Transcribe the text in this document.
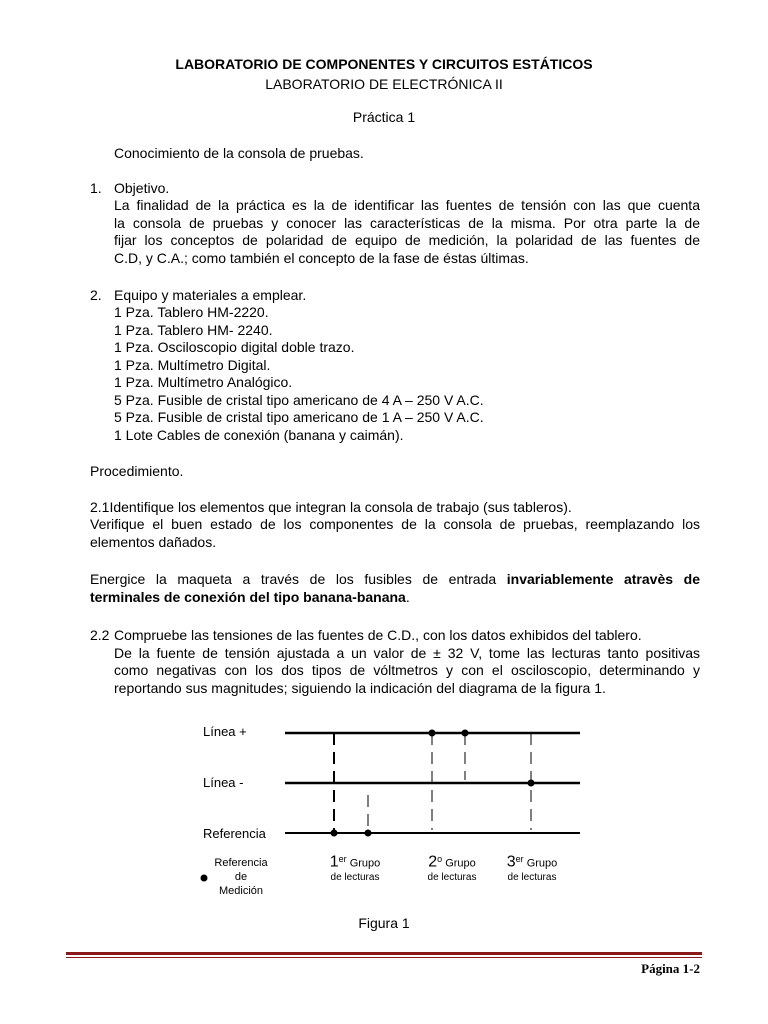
LABORATORIO DE COMPONENTES Y CIRCUITOS ESTÁTICOS
LABORATORIO DE ELECTRÓNICA II
Práctica 1
Conocimiento de la consola de pruebas.
1. Objetivo.
La finalidad de la práctica es la de identificar las fuentes de tensión con las que cuenta
la consola de pruebas y conocer las características de la misma. Por otra parte la de
fijar los conceptos de polaridad de equipo de medición, la polaridad de las fuentes de
C.D, y C.A.; como también el concepto de la fase de éstas últimas.
2. Equipo y materiales a emplear.
1 Pza. Tablero HM-2220.
1 Pza. Tablero HM- 2240.
1 Pza. Osciloscopio digital doble trazo.
1 Pza. Multímetro Digital.
1 Pza. Multímetro Analógico.
5 Pza. Fusible de cristal tipo americano de 4 A – 250 V A.C.
5 Pza. Fusible de cristal tipo americano de 1 A – 250 V A.C.
1 Lote Cables de conexión (banana y caimán).
Procedimiento.
2.1Identifique los elementos que integran la consola de trabajo (sus tableros).
Verifique el buen estado de los componentes de la consola de pruebas, reemplazando los
elementos dañados.
Energice la maqueta a través de los fusibles de entrada invariablemente atravès de
terminales de conexión del tipo banana-banana.
2.2 Compruebe las tensiones de las fuentes de C.D., con los datos exhibidos del tablero.
De la fuente de tensión ajustada a un valor de ± 32 V, tome las lecturas tanto positivas
como negativas con los dos tipos de vóltmetros y con el osciloscopio, determinando y
reportando sus magnitudes; siguiendo la indicación del diagrama de la figura 1.
Línea +
Línea -
Referencia
Referencia
de
Medición
1er Grupo
de lecturas
2$^o$ Grupo
de lecturas
3er Grupo
de lecturas
Figura 1
Página 1-2
